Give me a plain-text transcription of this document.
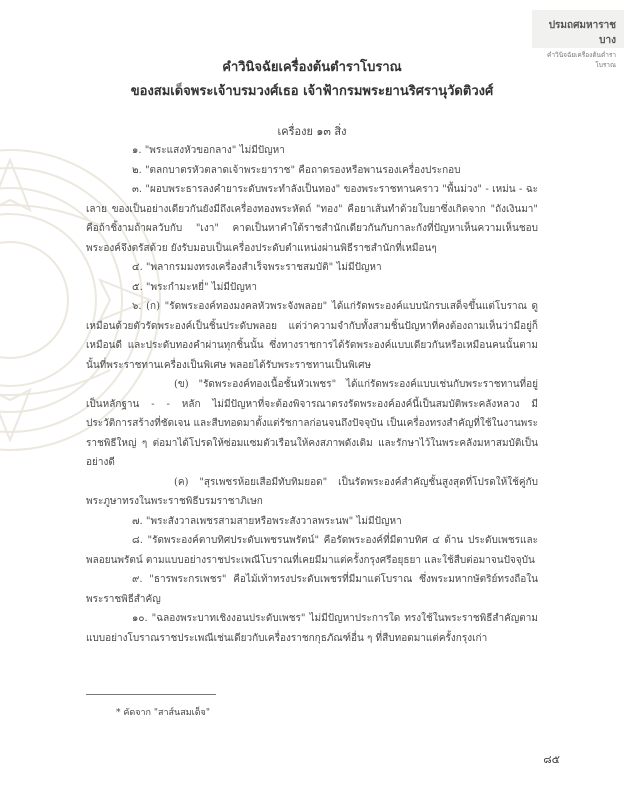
ปรมถศมหาราชบาง
คำวินิจฉัยเครื่องต้นตำราโบราณ
คำวินิจฉัยเครื่องต้นตำราโบราณ
ของสมเด็จพระเจ้าบรมวงศ์เธอ เจ้าฟ้ากรมพระยานริศรานุวัดติวงศ์
เครื่องย ๑๓ สิ่ง

๑. "พระแสงหัวขอกลาง" ไม่มีปัญหา

๒. "ตลกบาตรหัวตลาดเจ้าพระยาราช" คือถาดรองหรือพานรองเครื่องประกอบ

๓. "ผอบพระธารลงคำยาระดับพระทำลังเป็นทอง" ของพระราชทานคราว "พื้นม่วง" - เหม่น - ฉะเลาย ของเป็นอย่างเดียวกันยังมีถึงเครื่องทองพระหัตถ์ "ทอง" คือยาเส้นทำด้วยใบยาซึ่งเกิดจาก "ถังเงินมา" คือถ้าชิ้งามถ้าผลวับกับ "เงา" คาดเป็นหาคำใต้ราชสำนักเดียวกันกับกาละกังที่ปัญหาเห็นความเห็นชอบพระองค์จึงตรัสด้วย ยังรับมอบเป็นเครื่องประดับตำแหน่งผ่านพิธีราชสำนักที่เหมือนๆ

๔. "พลากรมมงทรงเครื่องสำเร็จพระราชสมบัติ" ไม่มีปัญหา

๕. "พระกำมะหยี่" ไม่มีปัญหา

๖. (ก) "รัดพระองค์ทองมงคลหัวพระจังพลอย" ได้แก่รัดพระองค์แบบนักรบเสด็จขึ้นแต่โบราณ ดูเหมือนด้วยตัวรัดพระองค์เป็นชิ้นประดับพลอย แต่ว่าความจำกับทั้งสามชิ้นปัญหาที่คงต้องถามเห็นว่ามีอยู่ก็เหมือนดี และประดับทองคำผ่านทุกชิ้นนั้น ซึ่งทางราชการได้รัดพระองค์แบบเดียวกันหรือเหมือนคนนั้นตามนั้นที่พระราชทานเครื่องเป็นพิเศษ พลอยได้รับพระราชทานเป็นพิเศษ

(ข) "รัดพระองค์ทองเนื้อชั้นหัวเพชร" ได้แก่รัดพระองค์แบบเช่นกับพระราชทานที่อยู่เป็นหลักฐาน - - หลัก ไม่มีปัญหาที่จะต้องพิจารณาตรงรัดพระองค์องค์นี้เป็นสมบัติพระคลังหลวง มีประวัติการสร้างที่ชัดเจน และสืบทอดมาตั้งแต่รัชกาลก่อนจนถึงปัจจุบัน เป็นเครื่องทรงสำคัญที่ใช้ในงานพระราชพิธีใหญ่ ๆ ต่อมาได้โปรดให้ซ่อมแซมตัวเรือนให้คงสภาพดังเดิม และรักษาไว้ในพระคลังมหาสมบัติเป็นอย่างดี

(ค) "สุรเพชรห้อยเสือมีทับทิมยอด" เป็นรัดพระองค์สำคัญชั้นสูงสุดที่โปรดให้ใช้คู่กับพระภูษาทรงในพระราชพิธีบรมราชาภิเษก

๗. "พระสังวาลเพชรสามสายหรือพระสังวาลพระนพ" ไม่มีปัญหา

๘. "รัดพระองค์ตาบทิศประดับเพชรนพรัตน์" คือรัดพระองค์ที่มีตาบทิศ ๔ ด้าน ประดับเพชรและพลอยนพรัตน์ ตามแบบอย่างราชประเพณีโบราณที่เคยมีมาแต่ครั้งกรุงศรีอยุธยา และใช้สืบต่อมาจนปัจจุบัน

๙. "ธารพระกรเพชร" คือไม้เท้าทรงประดับเพชรที่มีมาแต่โบราณ ซึ่งพระมหากษัตริย์ทรงถือในพระราชพิธีสำคัญ

๑๐. "ฉลองพระบาทเชิงงอนประดับเพชร" ไม่มีปัญหาประการใด ทรงใช้ในพระราชพิธีสำคัญตามแบบอย่างโบราณราชประเพณีเช่นเดียวกับเครื่องราชกกุธภัณฑ์อื่น ๆ ที่สืบทอดมาแต่ครั้งกรุงเก่า

* คัดจาก "สาส์นสมเด็จ"
๘๕
